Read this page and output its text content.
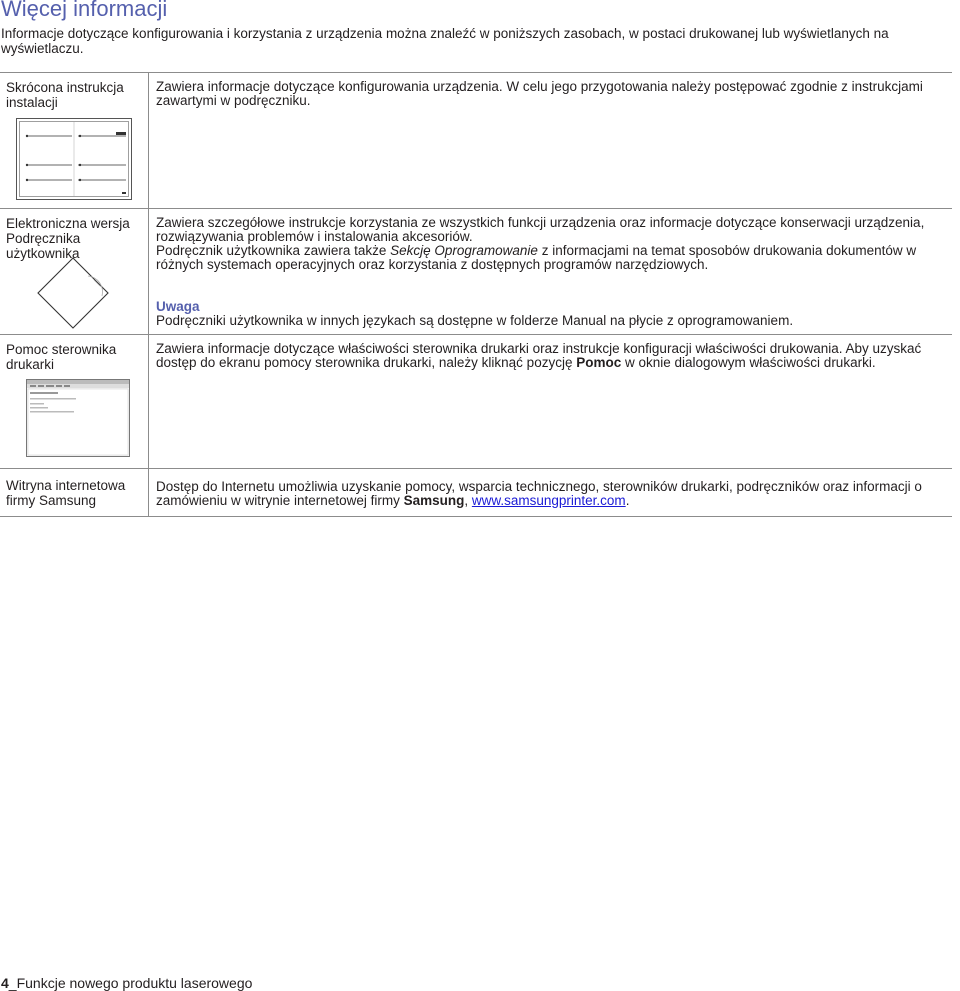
Więcej informacji
Informacje dotyczące konfigurowania i korzystania z urządzenia można znaleźć w poniższych zasobach, w postaci drukowanej lub wyświetlanych na wyświetlaczu.
Skrócona instrukcja instalacji
Zawiera informacje dotyczące konfigurowania urządzenia. W celu jego przygotowania należy postępować zgodnie z instrukcjami zawartymi w podręczniku.
Elektroniczna wersja Podręcznika użytkownika

Zawiera szczegółowe instrukcje korzystania ze wszystkich funkcji urządzenia oraz informacje dotyczące konserwacji urządzenia, rozwiązywania problemów i instalowania akcesoriów.

Podręcznik użytkownika zawiera także Sekcję Oprogramowanie z informacjami na temat sposobów drukowania dokumentów w różnych systemach operacyjnych oraz korzystania z dostępnych programów narzędziowych.

Uwaga

Podręczniki użytkownika w innych językach są dostępne w folderze Manual na płycie z oprogramowaniem.

Pomoc sterownika drukarki
Zawiera informacje dotyczące właściwości sterownika drukarki oraz instrukcje konfiguracji właściwości drukowania. Aby uzyskać dostęp do ekranu pomocy sterownika drukarki, należy kliknąć pozycję Pomoc w oknie dialogowym właściwości drukarki.
Witryna internetowa firmy Samsung
Dostęp do Internetu umożliwia uzyskanie pomocy, wsparcia technicznego, sterowników drukarki, podręczników oraz informacji o zamówieniu w witrynie internetowej firmy Samsung, www.samsungprinter.com.
4_Funkcje nowego produktu laserowego
